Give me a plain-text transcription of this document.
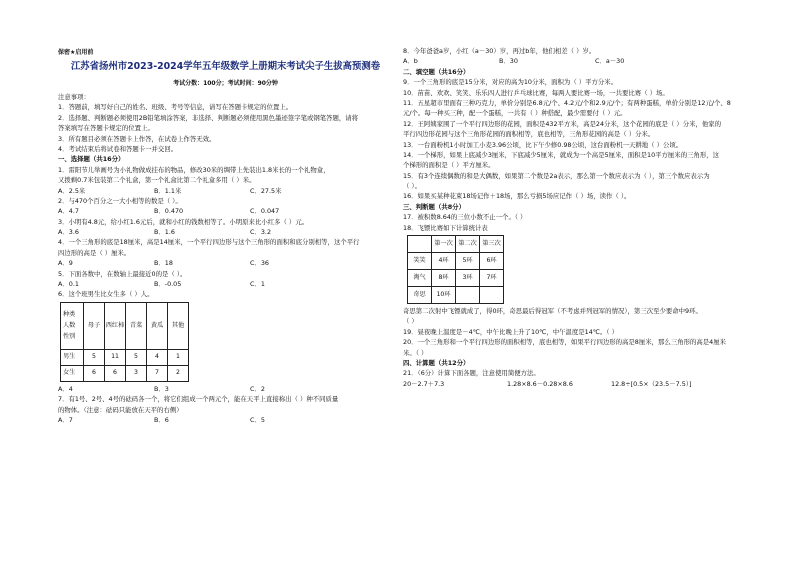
保密★启用前
江苏省扬州市2023-2024学年五年级数学上册期末考试尖子生拔高预测卷
考试分数：100分；考试时间：90分钟
注意事项：
1．答题前，填写好自己的姓名、班级、考号等信息，请写在答题卡规定的位置上。
2．选择题、判断题必须使用2B铅笔填涂答案，非选择、判断题必须使用黑色墨迹签字笔或钢笔答题，请将
答案填写在答题卡规定的位置上。
3．所有题目必须在答题卡上作答，在试卷上作答无效。
4．考试结束后将试卷和答题卡一并交回。
一、选择题（共16分）
1．雷阳节儿举画号为小礼物做成挂布的物品，修改30米的绸带上先装出1.8米长的一个礼物盒，
又拨剩0.7米包装第二个礼盒，第一个礼盒比第二个礼盒多用（ ）米。
A．2.5米	B．1.1米	C．27.5米
2．与470个百分之一大小相等的数是（ ）。
A．4.7	B．0.470	C．0.047
3．小明有4.8元，给小红1.6元后，就和小红的钱数相等了。小明原来比小红多（ ）元。
A．3.6	B．1.6	C．3.2
4．一个三角形的底是18厘米，高是14厘米，一个平行四边形与这个三角形的面积和底分别相等，这个平行
四边形的高是（ ）厘米。
A．9	B．18	C．36
5．下面各数中，在数轴上最接近0的是（ ）。
A．0.1	B．-0.05	C．1
6．这个班男生比女生多（ ）人。
种类
人数
性别	母子	西红柿	青菜	黄瓜	其他
男生	5	11	5	4	1
女生	6	6	3	7	2
A．4	B．3	C．2
7．有1号、2号、4号的砝码各一个，将它们组成一个两元个，能在天平上直接称出（ ）种不同质量
的物体。（注意：砝码只能放在天平的右侧）
A．7	B．6	C．5
8．今年爸爸a岁，小红（a－30）岁，再过b年，他们相差（ ）岁。
A．b	B．30	C．a－30
二、填空题（共16分）
9．一个三角形的底是15分米，对应的高为10分米，面积为（ ）平方分米。
10．苗苗、欢欢、笑笑、乐乐四人进行乒乓球比赛，每两人要比赛一场，一共要比赛（ ）场。
11．五星超市里面有三种巧克力，单价分别是6.8元/个、4.2元/个和2.9元/个；有两种蛋糕，单价分别是12元/个、8
元/个。每一种买三种，配一个蛋糕，一共有（ ）种搭配，最少需要付（ ）元。
12．王阿姨家围了一个平行四边形的花园，面积是432平方米，高是24分米，这个花园的底是（ ）分米，他家的
平行四边形花园与这个三角形花园的面积相等，底也相等，三角形花园的高是（ ）分米。
13．一台面粉机1小时加工小麦3.96公顷，比下午少修0.98公顷，这台面粉机一天耕地（ ）公顷。
14．一个梯形，如果上底减少3厘米，下底减少5厘米，就成为一个高是5厘米，面积是10平方厘米的三角形，这
个梯形的面积是（ ）平方厘米。
15．有3个连续偶数的和是大偶数，如果第二个数是2a表示，那么第一个数应表示为（ ），第三个数应表示为
（ ）。
16．如果买某种花束18场记作＋18场，那么亏损5场应记作（ ）场，读作（ ）。
三、判断题（共8分）
17．被积数8.64的三位小数不止一个。（ ）
18．飞镖比赛如下计算统计表
	第一次	第二次	第三次
笑笑	4环	5环	6环
淘气	8环	3环	7环
奇思	10环		
奇思第二次射中飞镖就成了，得0环，奇思最后得冠军（不考虑并列冠军的情况），第三次至少要命中9环。
（ ）
19．昼夜晚上温度是－4℃，中午比晚上升了10℃，中午温度是14℃。（ ）
20．一个三角形和一个平行四边形的面积相等，底也相等，如果平行四边形的高是8厘米，那么三角形的高是4厘米
米。（ ）
四、计算题（共12分）
21．（6分）计算下面各题，注意使用简便方法。
20－2.7＋7.3	1.28×8.6－0.28×8.6	12.8÷[0.5×（23.5－7.5）]
